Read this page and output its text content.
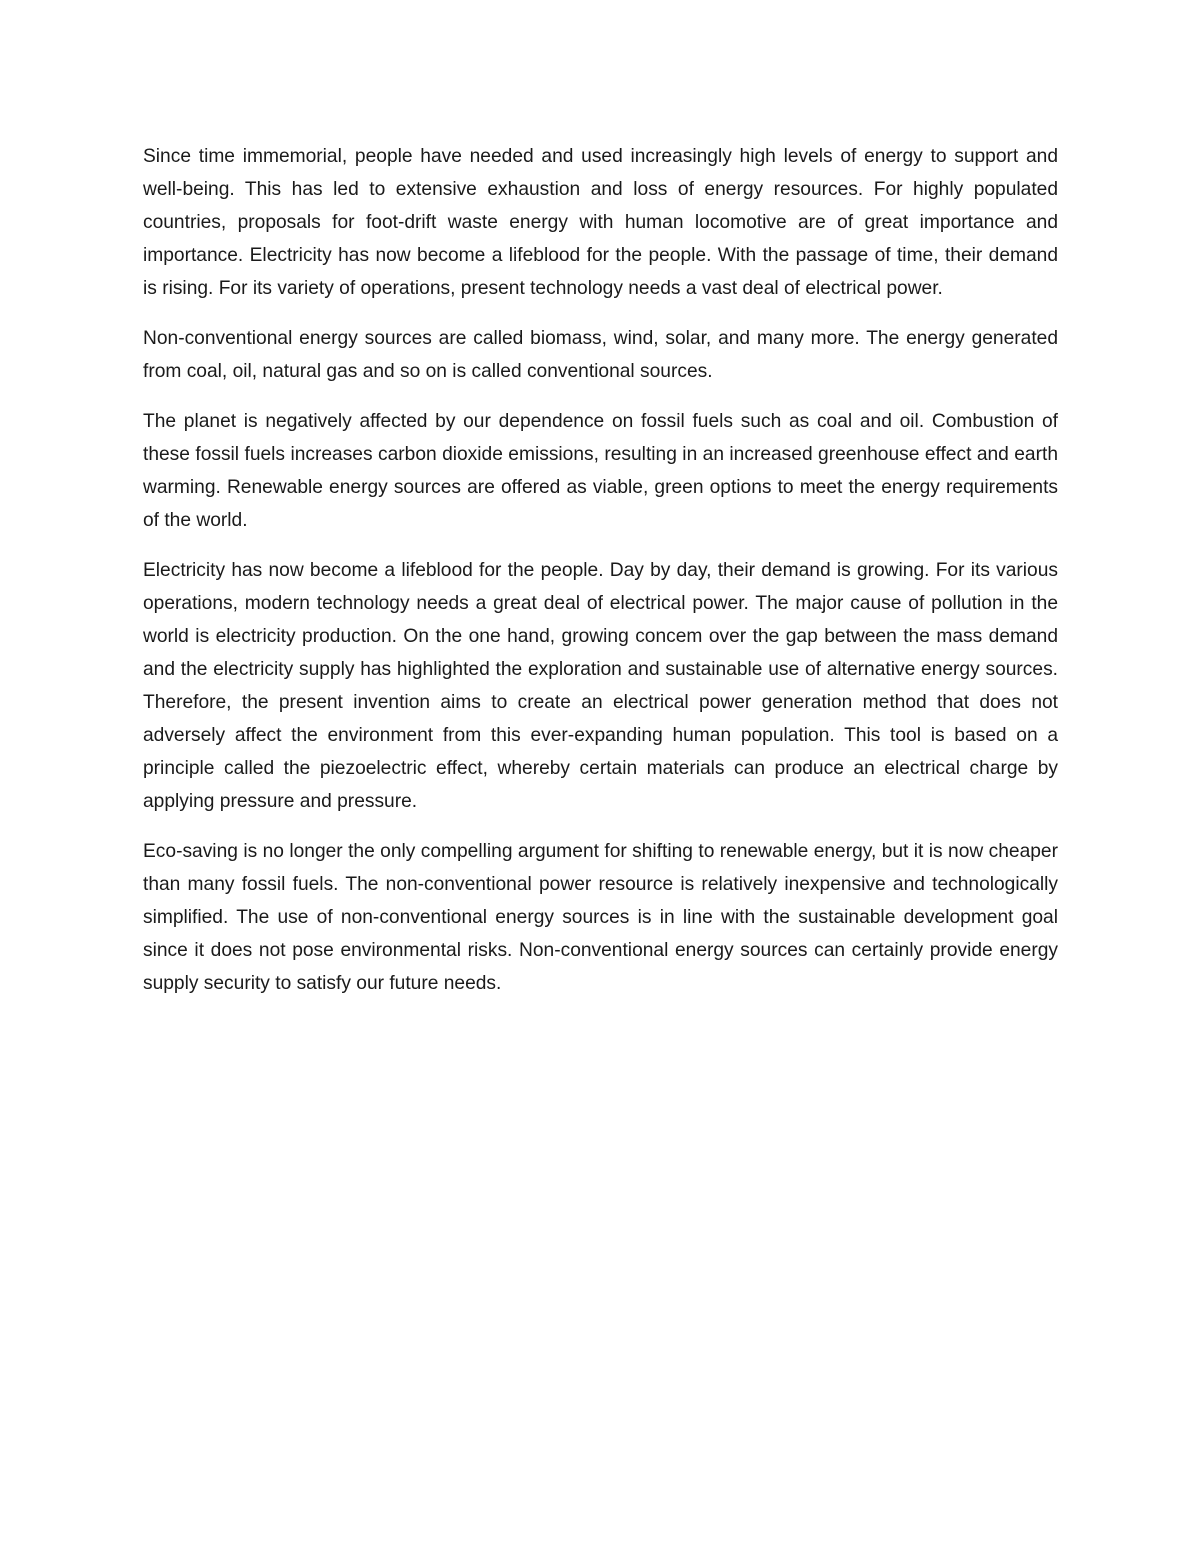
Since time immemorial, people have needed and used increasingly high levels of energy to support and well-being. This has led to extensive exhaustion and loss of energy resources. For highly populated countries, proposals for foot-drift waste energy with human locomotive are of great importance and importance. Electricity has now become a lifeblood for the people. With the passage of time, their demand is rising. For its variety of operations, present technology needs a vast deal of electrical power.

Non-conventional energy sources are called biomass, wind, solar, and many more. The energy generated from coal, oil, natural gas and so on is called conventional sources.

The planet is negatively affected by our dependence on fossil fuels such as coal and oil. Combustion of these fossil fuels increases carbon dioxide emissions, resulting in an increased greenhouse effect and earth warming. Renewable energy sources are offered as viable, green options to meet the energy requirements of the world.

Electricity has now become a lifeblood for the people. Day by day, their demand is growing. For its various operations, modern technology needs a great deal of electrical power. The major cause of pollution in the world is electricity production. On the one hand, growing concem over the gap between the mass demand and the electricity supply has highlighted the exploration and sustainable use of alternative energy sources. Therefore, the present invention aims to create an electrical power generation method that does not adversely affect the environment from this ever-expanding human population. This tool is based on a principle called the piezoelectric effect, whereby certain materials can produce an electrical charge by applying pressure and pressure.

Eco-saving is no longer the only compelling argument for shifting to renewable energy, but it is now cheaper than many fossil fuels. The non-conventional power resource is relatively inexpensive and technologically simplified. The use of non-conventional energy sources is in line with the sustainable development goal since it does not pose environmental risks. Non-conventional energy sources can certainly provide energy supply security to satisfy our future needs.
